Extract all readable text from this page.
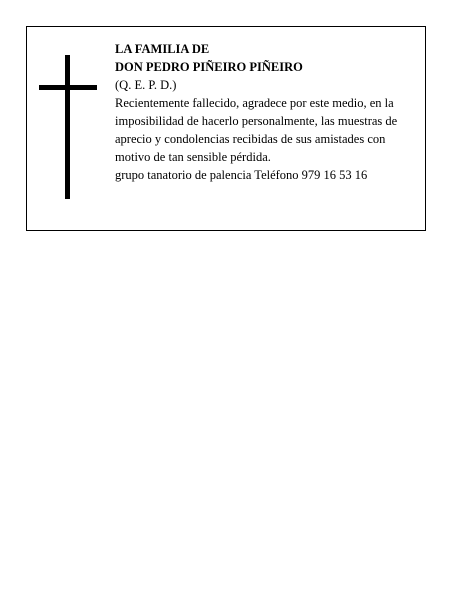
LA FAMILIA DE
DON PEDRO PIÑEIRO PIÑEIRO
(Q. E. P. D.)
Recientemente fallecido, agradece por este medio, en la imposibilidad de hacerlo personalmente, las muestras de aprecio y condolencias recibidas de sus amistades con motivo de tan sensible pérdida.
grupo tanatorio de palencia Teléfono 979 16 53 16
